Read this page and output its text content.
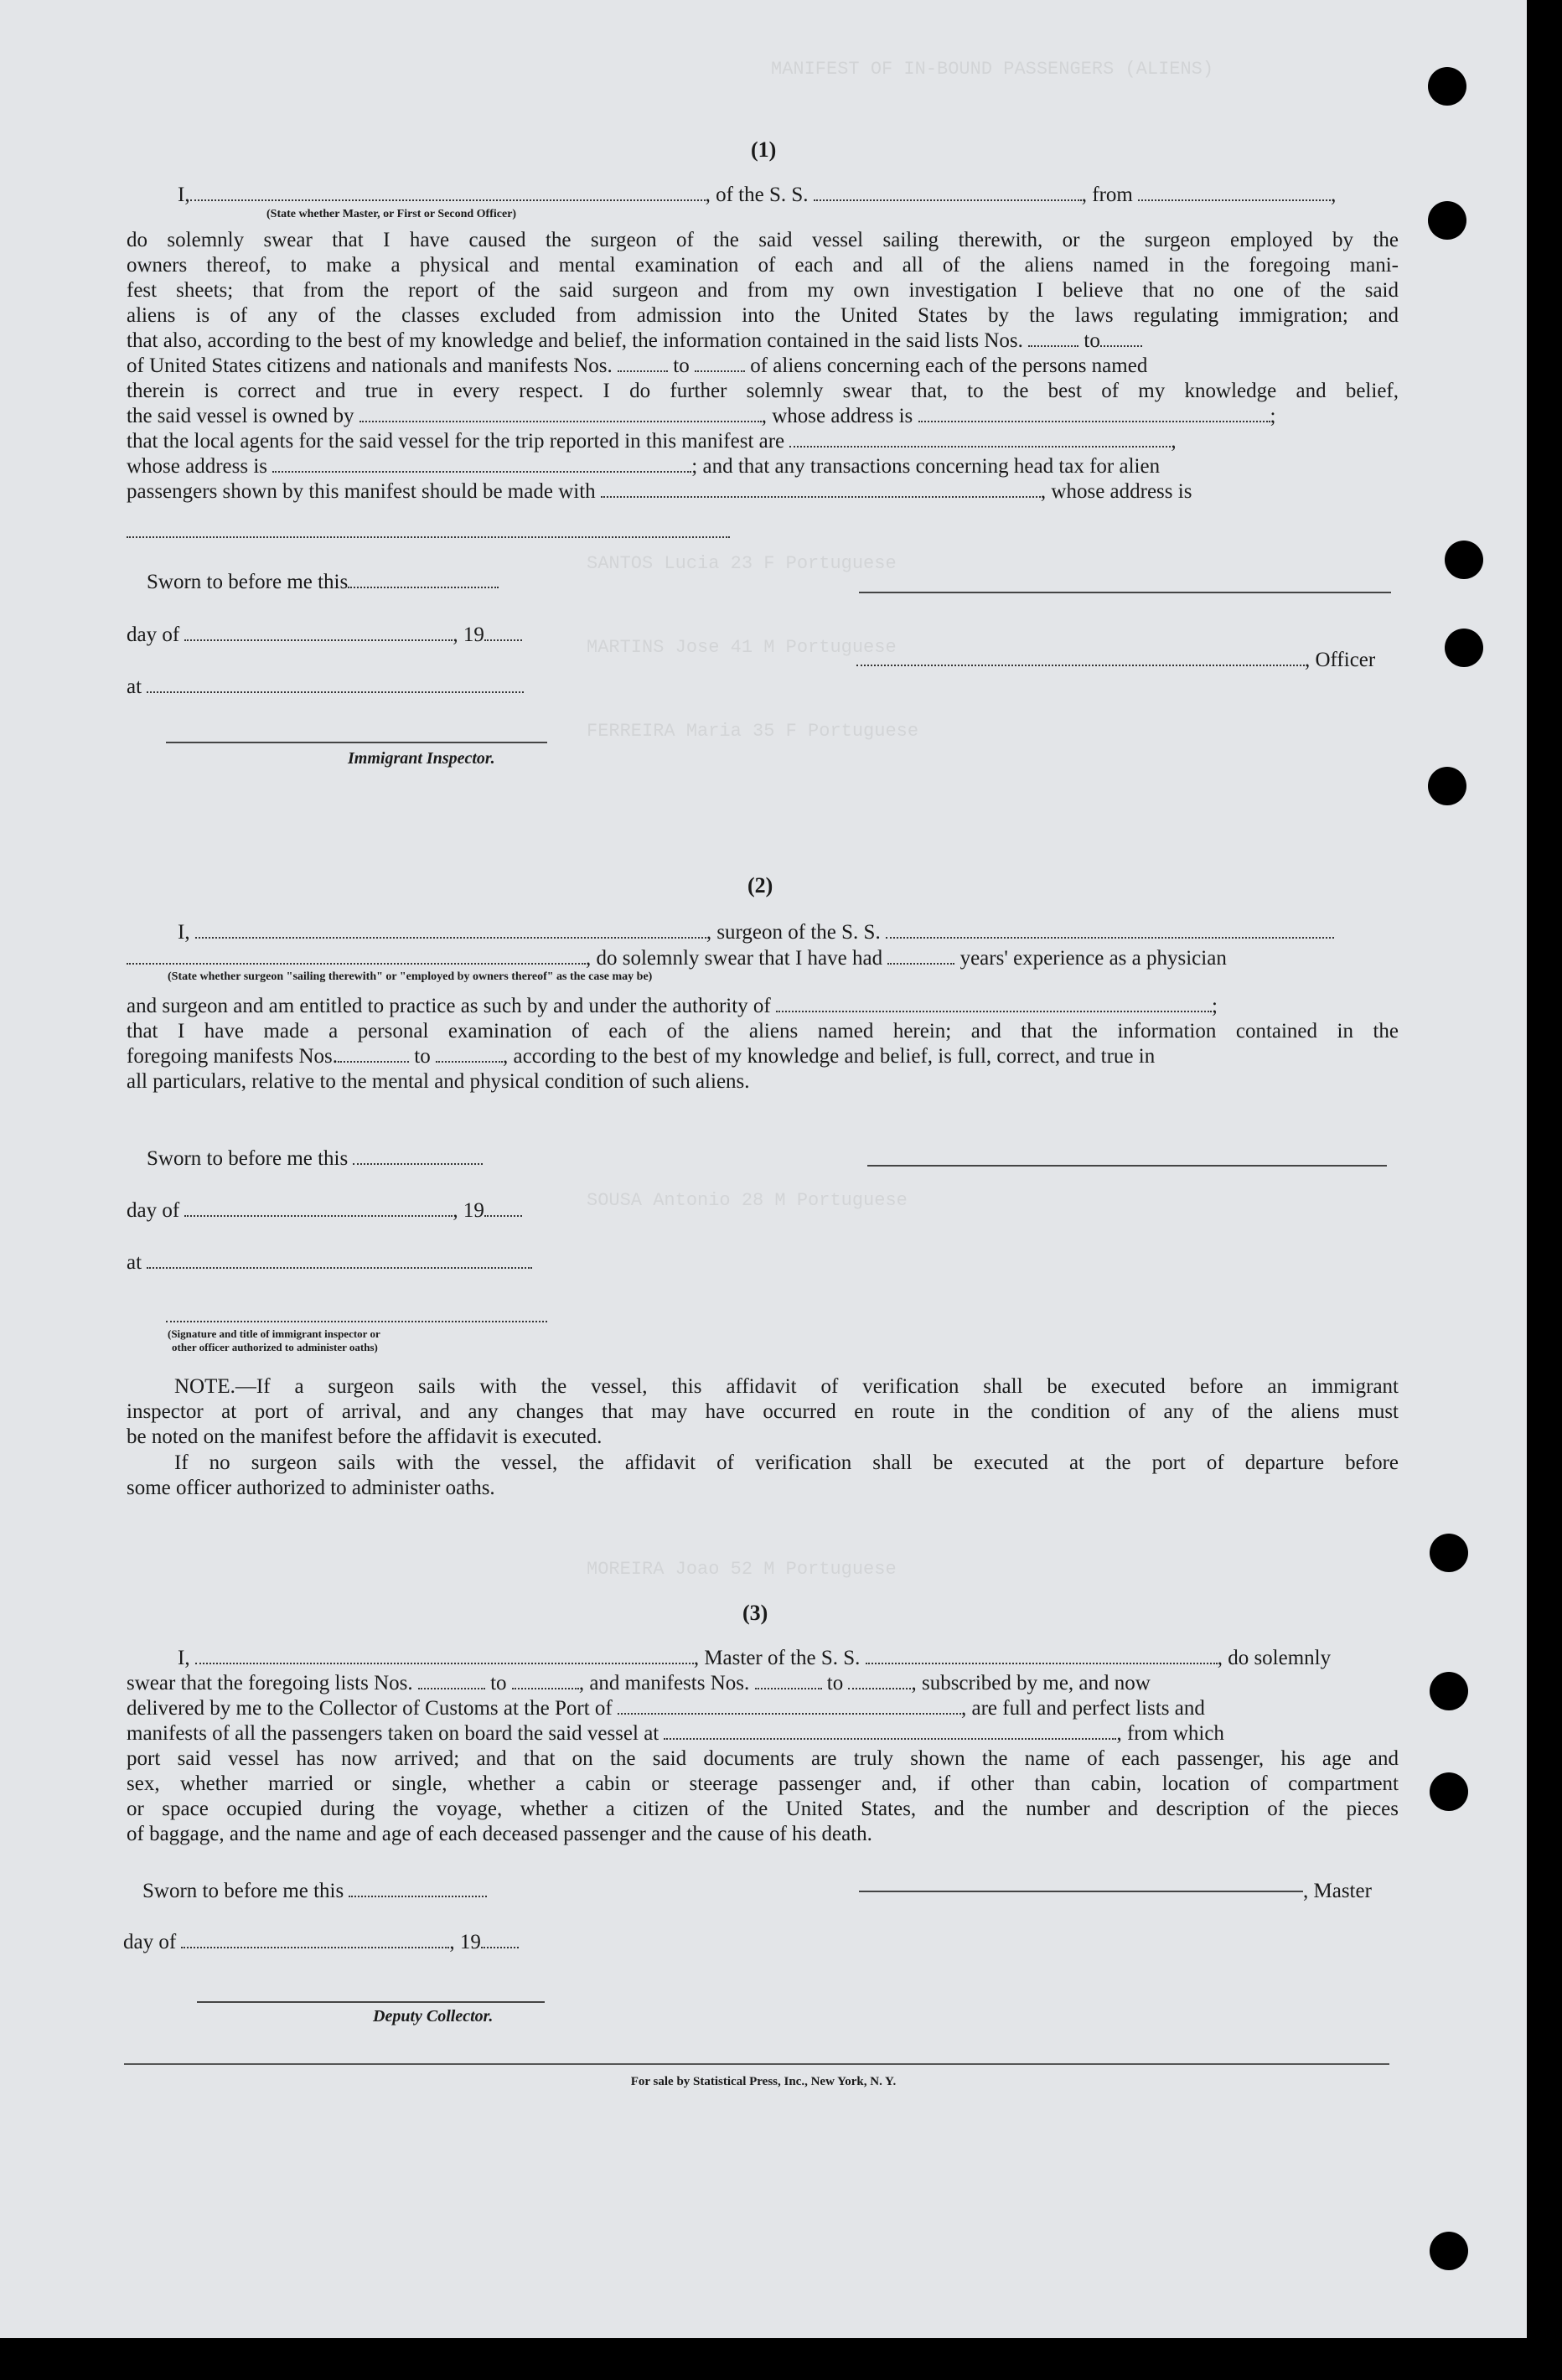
MANIFEST OF IN-BOUND PASSENGERS (ALIENS)
SANTOS Lucia 23 F Portuguese
MARTINS Jose 41 M Portuguese
FERREIRA Maria 35 F Portuguese
SOUSA Antonio 28 M Portuguese
MOREIRA Joao 52 M Portuguese
(1)
I,	, of the S. S.	, from	,
(State whether Master, or First or Second Officer)
do solemnly swear that I have caused the surgeon of the said vessel sailing therewith, or the surgeon employed by the
owners thereof, to make a physical and mental examination of each and all of the aliens named in the foregoing mani-
fest sheets; that from the report of the said surgeon and from my own investigation I believe that no one of the said
aliens is of any of the classes excluded from admission into the United States by the laws regulating immigration; and
that also, according to the best of my knowledge and belief, the information contained in the said lists Nos.	to
of United States citizens and nationals and manifests Nos.	to	of aliens concerning each of the persons named
therein is correct and true in every respect. I do further solemnly swear that, to the best of my knowledge and belief,
the said vessel is owned by	, whose address is	;
that the local agents for the said vessel for the trip reported in this manifest are	,
whose address is	; and that any transactions concerning head tax for alien
passengers shown by this manifest should be made with	, whose address is
Sworn to before me this
day of	, 19
, Officer
at
Immigrant Inspector.
(2)
I,	, surgeon of the S. S.
, do solemnly swear that I have had	years' experience as a physician
(State whether surgeon "sailing therewith" or "employed by owners thereof" as the case may be)
and surgeon and am entitled to practice as such by and under the authority of	;
that I have made a personal examination of each of the aliens named herein; and that the information contained in the
foregoing manifests Nos.	to	, according to the best of my knowledge and belief, is full, correct, and true in
all particulars, relative to the mental and physical condition of such aliens.
Sworn to before me this
day of	, 19
at
(Signature and title of immigrant inspector or
other officer authorized to administer oaths)
NOTE.—If a surgeon sails with the vessel, this affidavit of verification shall be executed before an immigrant
inspector at port of arrival, and any changes that may have occurred en route in the condition of any of the aliens must
be noted on the manifest before the affidavit is executed.
If no surgeon sails with the vessel, the affidavit of verification shall be executed at the port of departure before
some officer authorized to administer oaths.
(3)
I,	, Master of the S. S.	, do solemnly
swear that the foregoing lists Nos.	to	, and manifests Nos.	to	, subscribed by me, and now
delivered by me to the Collector of Customs at the Port of	, are full and perfect lists and
manifests of all the passengers taken on board the said vessel at	, from which
port said vessel has now arrived; and that on the said documents are truly shown the name of each passenger, his age and
sex, whether married or single, whether a cabin or steerage passenger and, if other than cabin, location of compartment
or space occupied during the voyage, whether a citizen of the United States, and the number and description of the pieces
of baggage, and the name and age of each deceased passenger and the cause of his death.
Sworn to before me this	, Master
day of	, 19
Deputy Collector.
For sale by Statistical Press, Inc., New York, N. Y.
